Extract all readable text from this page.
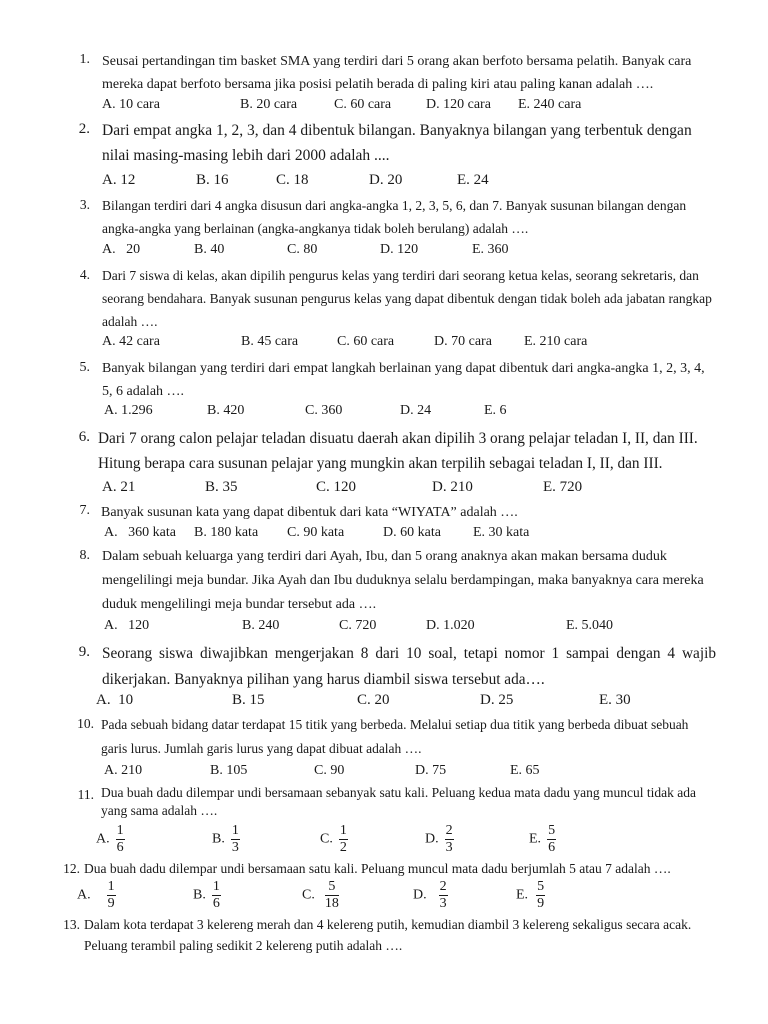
1. Seusai pertandingan tim basket SMA yang terdiri dari 5 orang akan berfoto bersama pelatih. Banyak cara mereka dapat berfoto bersama jika posisi pelatih berada di paling kiri atau paling kanan adalah ….
A. 10 cara	B. 20 cara	C. 60 cara D. 120 cara E. 240 cara
2. Dari empat angka 1, 2, 3, dan 4 dibentuk bilangan. Banyaknya bilangan yang terbentuk dengan nilai masing-masing lebih dari 2000 adalah ....
A. 12	B. 16	C. 18	D. 20	E. 24
3. Bilangan terdiri dari 4 angka disusun dari angka-angka 1, 2, 3, 5, 6, dan 7. Banyak susunan bilangan dengan angka-angka yang berlainan (angka-angkanya tidak boleh berulang) adalah ….
A.   20	B. 40	C. 80	D. 120	E. 360
4. Dari 7 siswa di kelas, akan dipilih pengurus kelas yang terdiri dari seorang ketua kelas, seorang sekretaris, dan seorang bendahara. Banyak susunan pengurus kelas yang dapat dibentuk dengan tidak boleh ada jabatan rangkap adalah ….
A. 42 cara	B. 45 cara	C. 60 cara	D. 70 cara E. 210 cara
5. Banyak bilangan yang terdiri dari empat langkah berlainan yang dapat dibentuk dari angka-angka 1, 2, 3, 4, 5, 6 adalah ….
A. 1.296	B. 420	C. 360	D. 24	E. 6
6. Dari 7 orang calon pelajar teladan disuatu daerah akan dipilih 3 orang pelajar teladan I, II, dan III. Hitung berapa cara susunan pelajar yang mungkin akan terpilih sebagai teladan I, II, dan III.
A. 21	B. 35	C. 120	D. 210	E. 720
7. Banyak susunan kata yang dapat dibentuk dari kata “WIYATA” adalah ….
A.   360 kata B. 180 kata C. 90 kata	D. 60 kata E. 30 kata
8. Dalam sebuah keluarga yang terdiri dari Ayah, Ibu, dan 5 orang anaknya akan makan bersama duduk mengelilingi meja bundar. Jika Ayah dan Ibu duduknya selalu berdampingan, maka banyaknya cara mereka duduk mengelilingi meja bundar tersebut ada ….
A.   120	B. 240	C. 720	D. 1.020	E. 5.040
9. Seorang siswa diwajibkan mengerjakan 8 dari 10 soal, tetapi nomor 1 sampai dengan 4 wajib dikerjakan. Banyaknya pilihan yang harus diambil siswa tersebut ada….
A.  10	B. 15	C. 20	D. 25	E. 30
10. Pada sebuah bidang datar terdapat 15 titik yang berbeda. Melalui setiap dua titik yang berbeda dibuat sebuah garis lurus. Jumlah garis lurus yang dapat dibuat adalah ….
A. 210	B. 105	C. 90	D. 75	E. 65
11. Dua buah dadu dilempar undi bersamaan sebanyak satu kali. Peluang kedua mata dadu yang muncul tidak ada yang sama adalah ….
A. $\frac{1}{6}$	B. $\frac{1}{3}$	C. $\frac{1}{2}$	D. $\frac{2}{3}$	E. $\frac{5}{6}$
12. Dua buah dadu dilempar undi bersamaan satu kali. Peluang muncul mata dadu berjumlah 5 atau 7 adalah ….
A. $\frac{1}{9}$	B. $\frac{1}{6}$	C. $\frac{5}{18}$	D. $\frac{2}{3}$	E. $\frac{5}{9}$
13. Dalam kota terdapat 3 kelereng merah dan 4 kelereng putih, kemudian diambil 3 kelereng sekaligus secara acak. Peluang terambil paling sedikit 2 kelereng putih adalah ….
